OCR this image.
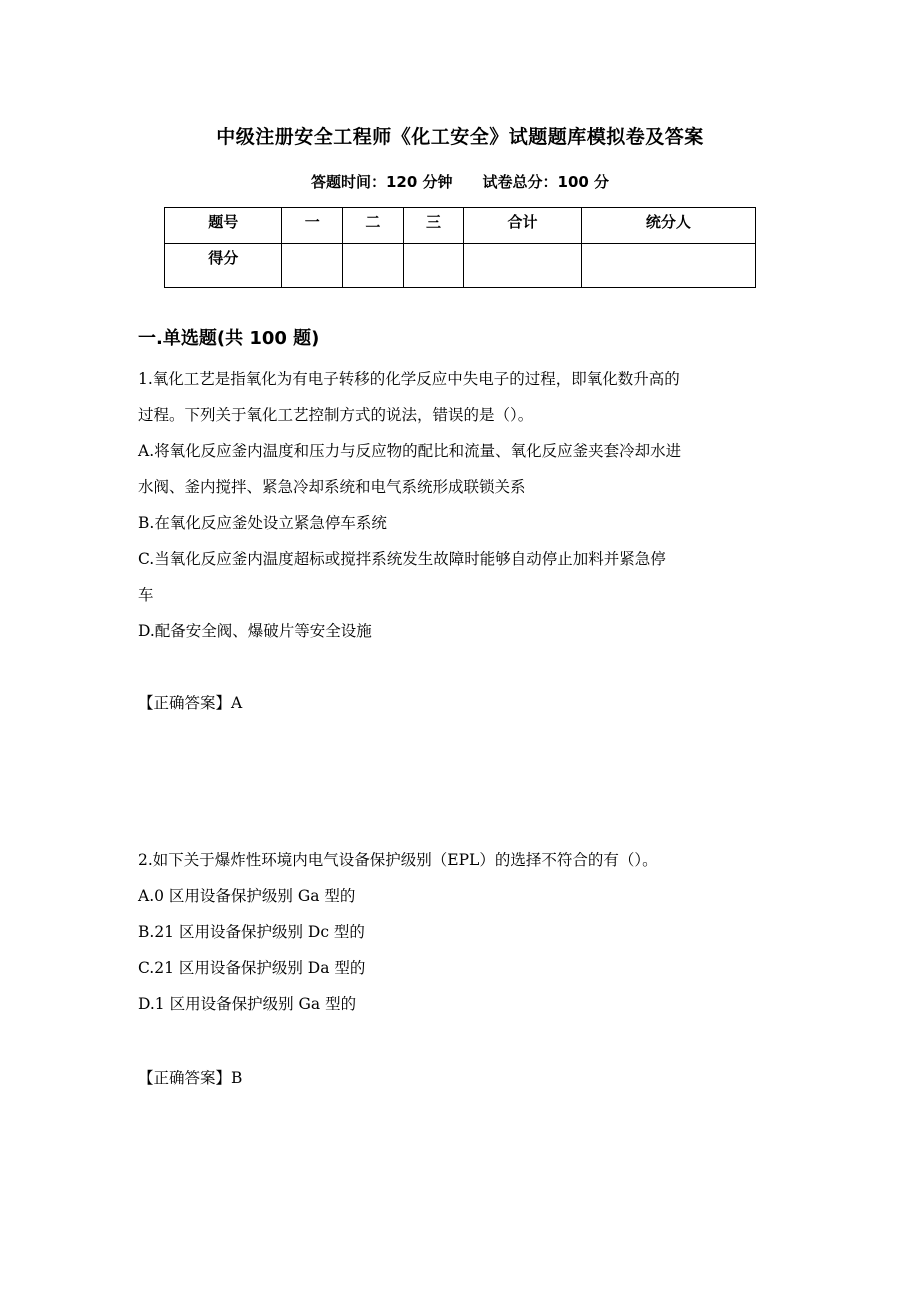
中级注册安全工程师《化工安全》试题题库模拟卷及答案
答题时间：120 分钟 试卷总分：100 分
题号	一	二	三	合计	统分人
得分					
一.单选题(共 100 题)

1.氧化工艺是指氧化为有电子转移的化学反应中失电子的过程，即氧化数升高的

过程。下列关于氧化工艺控制方式的说法，错误的是（）。

A.将氧化反应釜内温度和压力与反应物的配比和流量、氧化反应釜夹套冷却水进

水阀、釜内搅拌、紧急冷却系统和电气系统形成联锁关系

B.在氧化反应釜处设立紧急停车系统

C.当氧化反应釜内温度超标或搅拌系统发生故障时能够自动停止加料并紧急停

车

D.配备安全阀、爆破片等安全设施

【正确答案】A

2.如下关于爆炸性环境内电气设备保护级别（EPL）的选择不符合的有（）。

A.0 区用设备保护级别 Ga 型的

B.21 区用设备保护级别 Dc 型的

C.21 区用设备保护级别 Da 型的

D.1 区用设备保护级别 Ga 型的

【正确答案】B
